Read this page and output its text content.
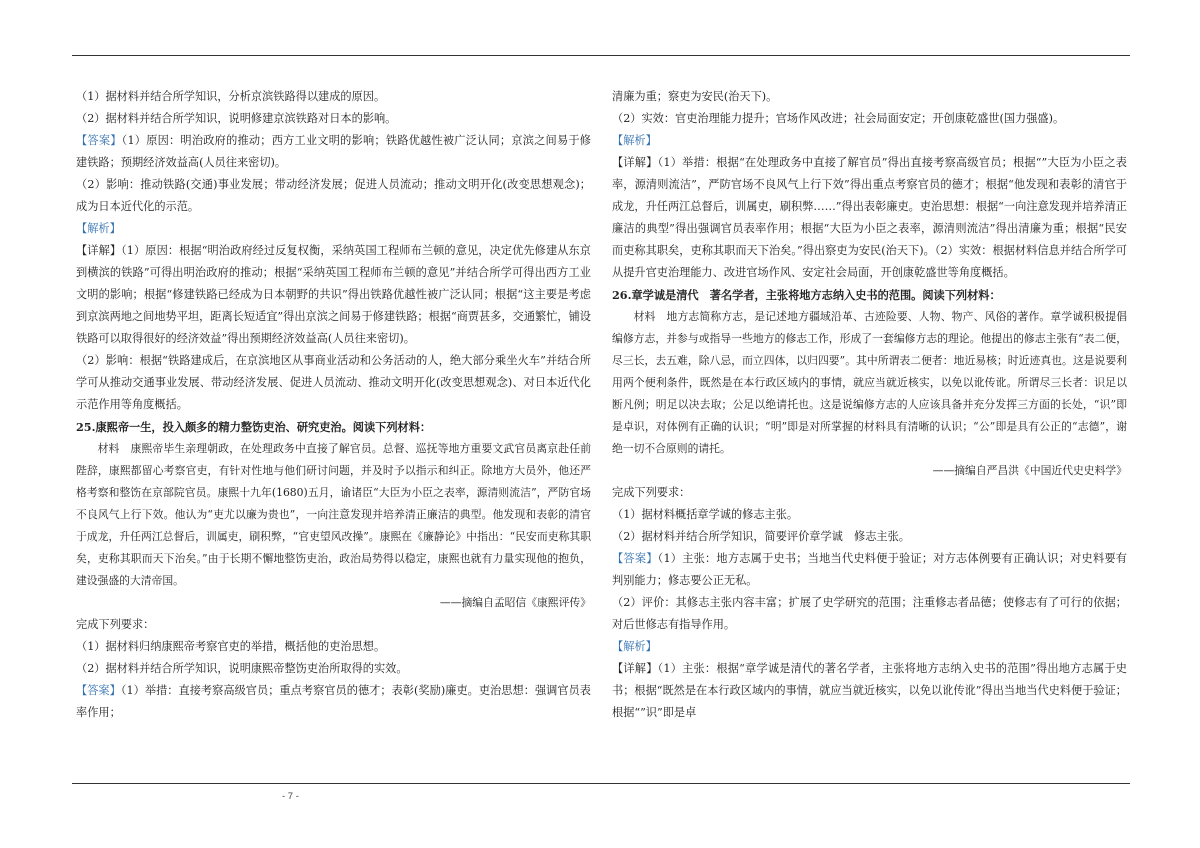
（1）据材料并结合所学知识，分析京滨铁路得以建成的原因。

（2）据材料并结合所学知识，说明修建京滨铁路对日本的影响。

【答案】（1）原因：明治政府的推动；西方工业文明的影响；铁路优越性被广泛认同；京滨之间易于修建铁路；预期经济效益高(人员往来密切)。

（2）影响：推动铁路(交通)事业发展；带动经济发展；促进人员流动；推动文明开化(改变思想观念)；成为日本近代化的示范。

【解析】

【详解】（1）原因：根据“明治政府经过反复权衡，采纳英国工程师布兰顿的意见，决定优先修建从东京到横滨的铁路”可得出明治政府的推动；根据“采纳英国工程师布兰顿的意见”并结合所学可得出西方工业文明的影响；根据“修建铁路已经成为日本朝野的共识”得出铁路优越性被广泛认同；根据“这主要是考虑到京滨两地之间地势平坦，距离长短适宜”得出京滨之间易于修建铁路；根据“商贾甚多，交通繁忙，铺设铁路可以取得很好的经济效益”得出预期经济效益高(人员往来密切)。

（2）影响：根据“铁路建成后，在京滨地区从事商业活动和公务活动的人，绝大部分乘坐火车”并结合所学可从推动交通事业发展、带动经济发展、促进人员流动、推动文明开化(改变思想观念)、对日本近代化示范作用等角度概括。

25.康熙帝一生，投入颇多的精力整饬吏治、研究吏治。阅读下列材料：

材料　康熙帝毕生亲理朝政，在处理政务中直接了解官员。总督、巡抚等地方重要文武官员离京赴任前陛辞，康熙都留心考察官吏，有针对性地与他们研讨问题，并及时予以指示和纠正。除地方大员外，他还严格考察和整饬在京部院官员。康熙十九年(1680)五月，谕诸臣“大臣为小臣之表率，源清则流洁”，严防官场不良风气上行下效。他认为“吏尤以廉为贵也”，一向注意发现并培养清正廉洁的典型。他发现和表彰的清官于成龙，升任两江总督后，训属吏，刷积弊，“官吏望风改操”。康熙在《廉静论》中指出：“民安而吏称其职矣，吏称其职而天下治矣。”由于长期不懈地整饬吏治，政治局势得以稳定，康熙也就有力量实现他的抱负，建设强盛的大清帝国。

——摘编自孟昭信《康熙评传》

完成下列要求：

（1）据材料归纳康熙帝考察官吏的举措，概括他的吏治思想。

（2）据材料并结合所学知识，说明康熙帝整饬吏治所取得的实效。

【答案】（1）举措：直接考察高级官员；重点考察官员的德才；表彰(奖励)廉吏。吏治思想：强调官员表率作用；

清廉为重；察吏为安民(治天下)。

（2）实效：官吏治理能力提升；官场作风改进；社会局面安定；开创康乾盛世(国力强盛)。

【解析】

【详解】（1）举措：根据“在处理政务中直接了解官员”得出直接考察高级官员；根据“”大臣为小臣之表率，源清则流洁”，严防官场不良风气上行下效”得出重点考察官员的德才；根据“他发现和表彰的清官于成龙，升任两江总督后，训属吏，刷积弊……”得出表彰廉吏。吏治思想：根据“一向注意发现并培养清正廉洁的典型”得出强调官员表率作用；根据“大臣为小臣之表率，源清则流洁”得出清廉为重；根据“民安而吏称其职矣，吏称其职而天下治矣。”得出察吏为安民(治天下)。（2）实效：根据材料信息并结合所学可从提升官吏治理能力、改进官场作风、安定社会局面，开创康乾盛世等角度概括。

26.章学诚是清代　著名学者，主张将地方志纳入史书的范围。阅读下列材料：

材料　地方志简称方志，是记述地方疆域沿革、古迹险要、人物、物产、风俗的著作。章学诚积极提倡编修方志，并参与或指导一些地方的修志工作，形成了一套编修方志的理论。他提出的修志主张有“表二便，尽三长，去五难，除八忌，而立四体，以归四要”。其中所谓表二便者：地近易核；时近迹真也。这是说要利用两个便利条件，既然是在本行政区域内的事情，就应当就近核实，以免以讹传讹。所谓尽三长者：识足以断凡例；明足以决去取；公足以绝请托也。这是说编修方志的人应该具备并充分发挥三方面的长处，“识”即是卓识，对体例有正确的认识；“明”即是对所掌握的材料具有清晰的认识；“公”即是具有公正的“志德”，谢绝一切不合原则的请托。

——摘编自严昌洪《中国近代史史料学》

完成下列要求：

（1）据材料概括章学诚的修志主张。

（2）据材料并结合所学知识，简要评价章学诚　修志主张。

【答案】（1）主张：地方志属于史书；当地当代史料便于验证；对方志体例要有正确认识；对史料要有判别能力；修志要公正无私。

（2）评价：其修志主张内容丰富；扩展了史学研究的范围；注重修志者品德；使修志有了可行的依据；对后世修志有指导作用。

【解析】

【详解】（1）主张：根据“章学诚是清代的著名学者，主张将地方志纳入史书的范围”得出地方志属于史书；根据“既然是在本行政区域内的事情，就应当就近核实，以免以讹传讹”得出当地当代史料便于验证；根据“”识”即是卓

- 7 -
